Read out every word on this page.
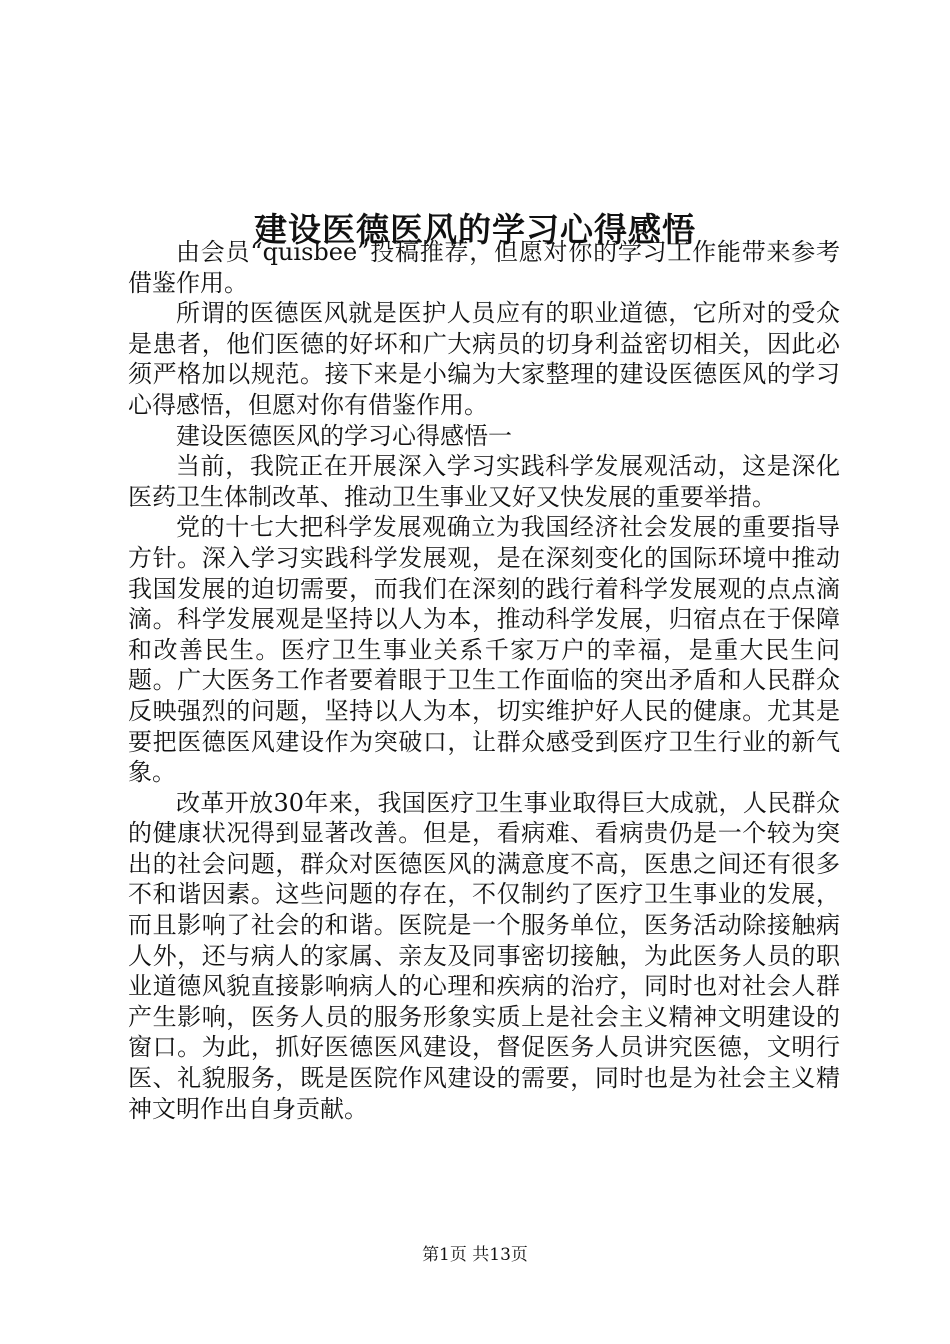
建设医德医风的学习心得感悟

由会员“quisbee”投稿推荐，但愿对你的学习工作能带来参考借鉴作用。

所谓的医德医风就是医护人员应有的职业道德，它所对的受众是患者，他们医德的好坏和广大病员的切身利益密切相关，因此必须严格加以规范。接下来是小编为大家整理的建设医德医风的学习心得感悟，但愿对你有借鉴作用。

建设医德医风的学习心得感悟一

当前，我院正在开展深入学习实践科学发展观活动，这是深化医药卫生体制改革、推动卫生事业又好又快发展的重要举措。

党的十七大把科学发展观确立为我国经济社会发展的重要指导方针。深入学习实践科学发展观，是在深刻变化的国际环境中推动我国发展的迫切需要，而我们在深刻的践行着科学发展观的点点滴滴。科学发展观是坚持以人为本，推动科学发展，归宿点在于保障和改善民生。医疗卫生事业关系千家万户的幸福，是重大民生问题。广大医务工作者要着眼于卫生工作面临的突出矛盾和人民群众反映强烈的问题，坚持以人为本，切实维护好人民的健康。尤其是要把医德医风建设作为突破口，让群众感受到医疗卫生行业的新气象。

改革开放30年来，我国医疗卫生事业取得巨大成就，人民群众的健康状况得到显著改善。但是，看病难、看病贵仍是一个较为突出的社会问题，群众对医德医风的满意度不高，医患之间还有很多不和谐因素。这些问题的存在，不仅制约了医疗卫生事业的发展，而且影响了社会的和谐。医院是一个服务单位，医务活动除接触病人外，还与病人的家属、亲友及同事密切接触，为此医务人员的职业道德风貌直接影响病人的心理和疾病的治疗，同时也对社会人群产生影响，医务人员的服务形象实质上是社会主义精神文明建设的窗口。为此，抓好医德医风建设，督促医务人员讲究医德，文明行医、礼貌服务，既是医院作风建设的需要，同时也是为社会主义精神文明作出自身贡献。

第1页 共13页
